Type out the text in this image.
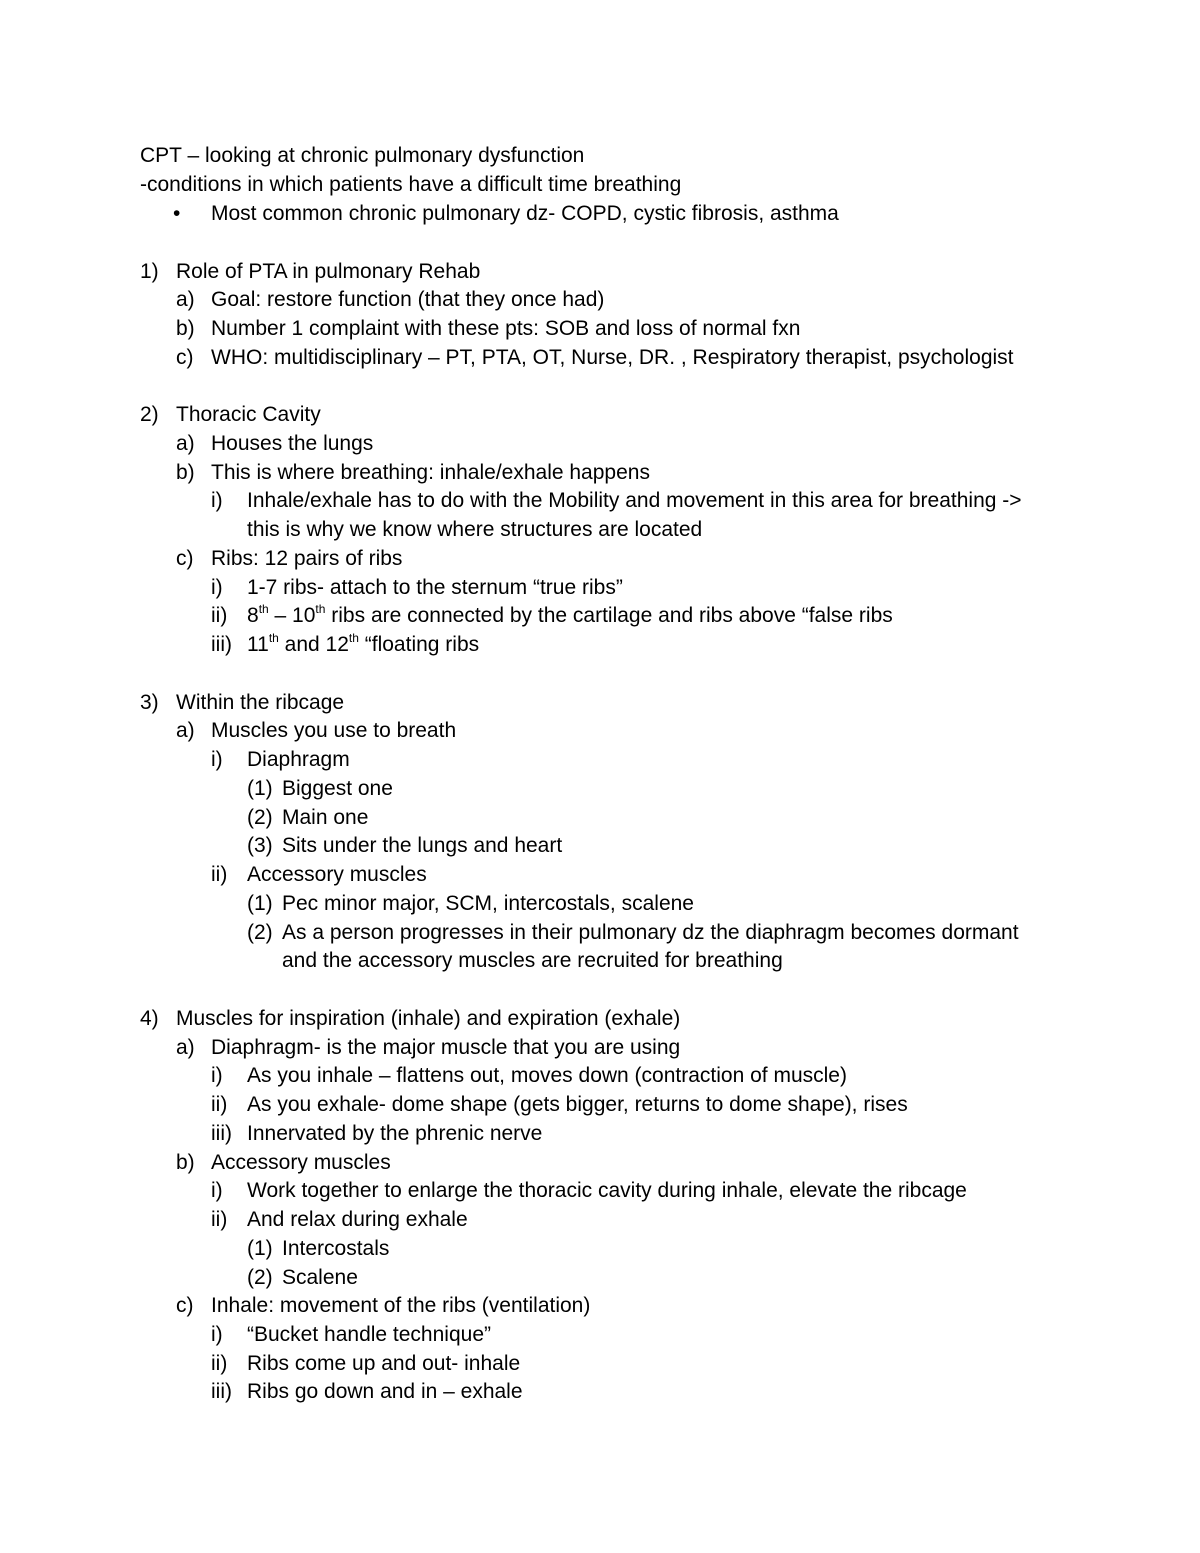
CPT – looking at chronic pulmonary dysfunction
-conditions in which patients have a difficult time breathing
• Most common chronic pulmonary dz- COPD, cystic fibrosis, asthma
1) Role of PTA in pulmonary Rehab
a) Goal: restore function (that they once had)
b) Number 1 complaint with these pts: SOB and loss of normal fxn
c) WHO: multidisciplinary – PT, PTA, OT, Nurse, DR. , Respiratory therapist, psychologist
2) Thoracic Cavity
a) Houses the lungs
b) This is where breathing: inhale/exhale happens
i) Inhale/exhale has to do with the Mobility and movement in this area for breathing ->
this is why we know where structures are located
c) Ribs: 12 pairs of ribs
i) 1-7 ribs- attach to the sternum “true ribs”
ii) 8th – 10th ribs are connected by the cartilage and ribs above “false ribs
iii) 11th and 12th “floating ribs
3) Within the ribcage
a) Muscles you use to breath
i) Diaphragm
(1) Biggest one
(2) Main one
(3) Sits under the lungs and heart
ii) Accessory muscles
(1) Pec minor major, SCM, intercostals, scalene
(2) As a person progresses in their pulmonary dz the diaphragm becomes dormant
and the accessory muscles are recruited for breathing
4) Muscles for inspiration (inhale) and expiration (exhale)
a) Diaphragm- is the major muscle that you are using
i) As you inhale – flattens out, moves down (contraction of muscle)
ii) As you exhale- dome shape (gets bigger, returns to dome shape), rises
iii) Innervated by the phrenic nerve
b) Accessory muscles
i) Work together to enlarge the thoracic cavity during inhale, elevate the ribcage
ii) And relax during exhale
(1) Intercostals
(2) Scalene
c) Inhale: movement of the ribs (ventilation)
i) “Bucket handle technique”
ii) Ribs come up and out- inhale
iii) Ribs go down and in – exhale
